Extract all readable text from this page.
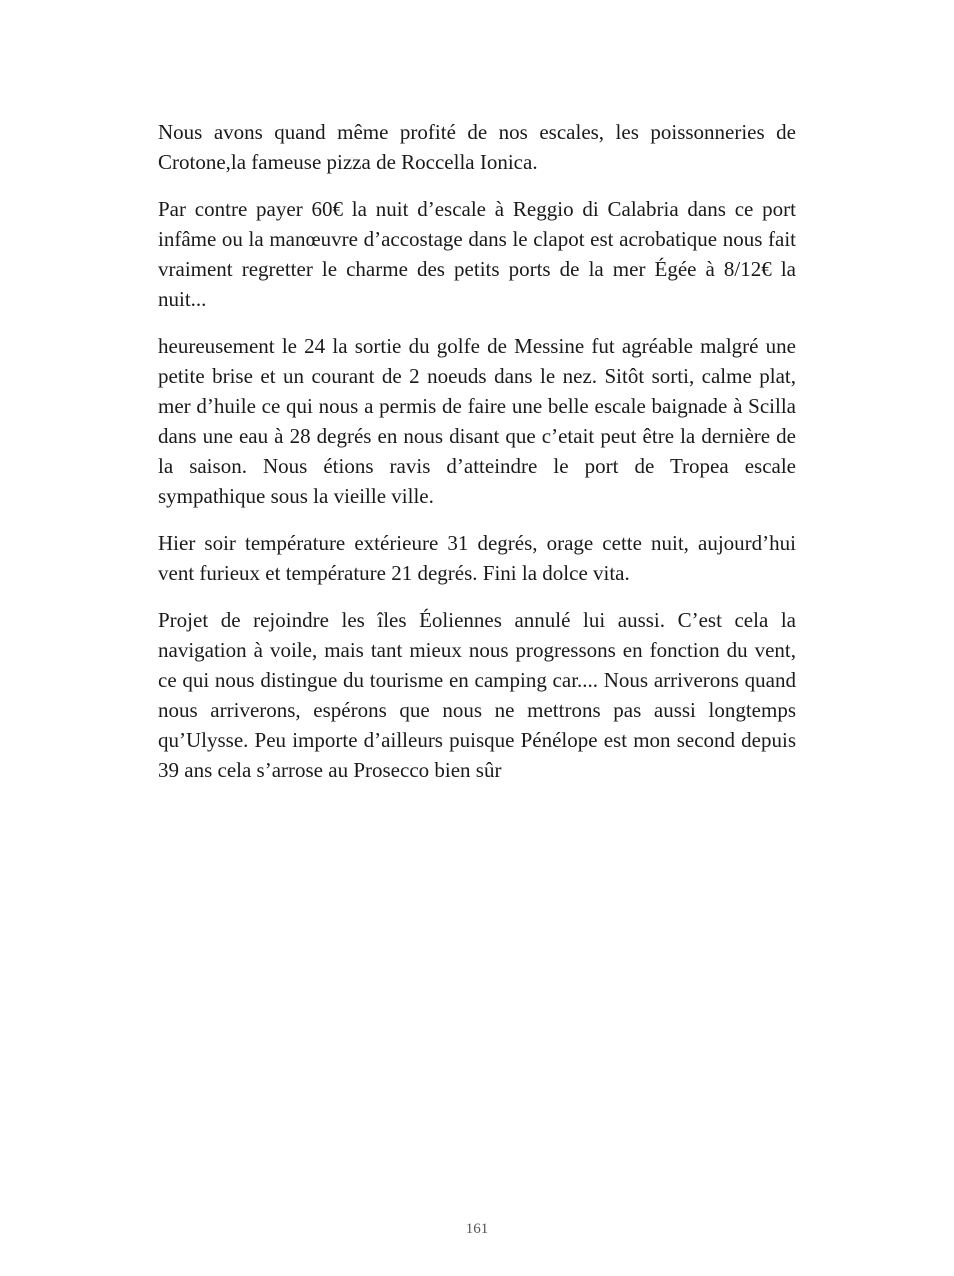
Nous avons quand même profité de nos escales, les poissonneries de Crotone,la fameuse pizza de Roccella Ionica.

Par contre payer 60€ la nuit d’escale à Reggio di Calabria dans ce port infâme ou la manœuvre d’accostage dans le clapot est acrobatique nous fait vraiment regretter le charme des petits ports de la mer Égée à 8/12€ la nuit...

heureusement le 24 la sortie du golfe de Messine fut agréable malgré une petite brise et un courant de 2 noeuds dans le nez. Sitôt sorti, calme plat, mer d’huile ce qui nous a permis de faire une belle escale baignade à Scilla dans une eau à 28 degrés en nous disant que c’etait peut être la dernière de la saison. Nous étions ravis d’atteindre le port de Tropea escale sympathique sous la vieille ville.

Hier soir température extérieure 31 degrés, orage cette nuit, aujourd’hui vent furieux et température 21 degrés. Fini la dolce vita.

Projet de rejoindre les îles Éoliennes annulé lui aussi. C’est cela la navigation à voile, mais tant mieux nous progressons en fonction du vent, ce qui nous distingue du tourisme en camping car.... Nous arriverons quand nous arriverons, espérons que nous ne mettrons pas aussi longtemps qu’Ulysse. Peu importe d’ailleurs puisque Pénélope est mon second depuis 39 ans cela s’arrose au Prosecco bien sûr

161
